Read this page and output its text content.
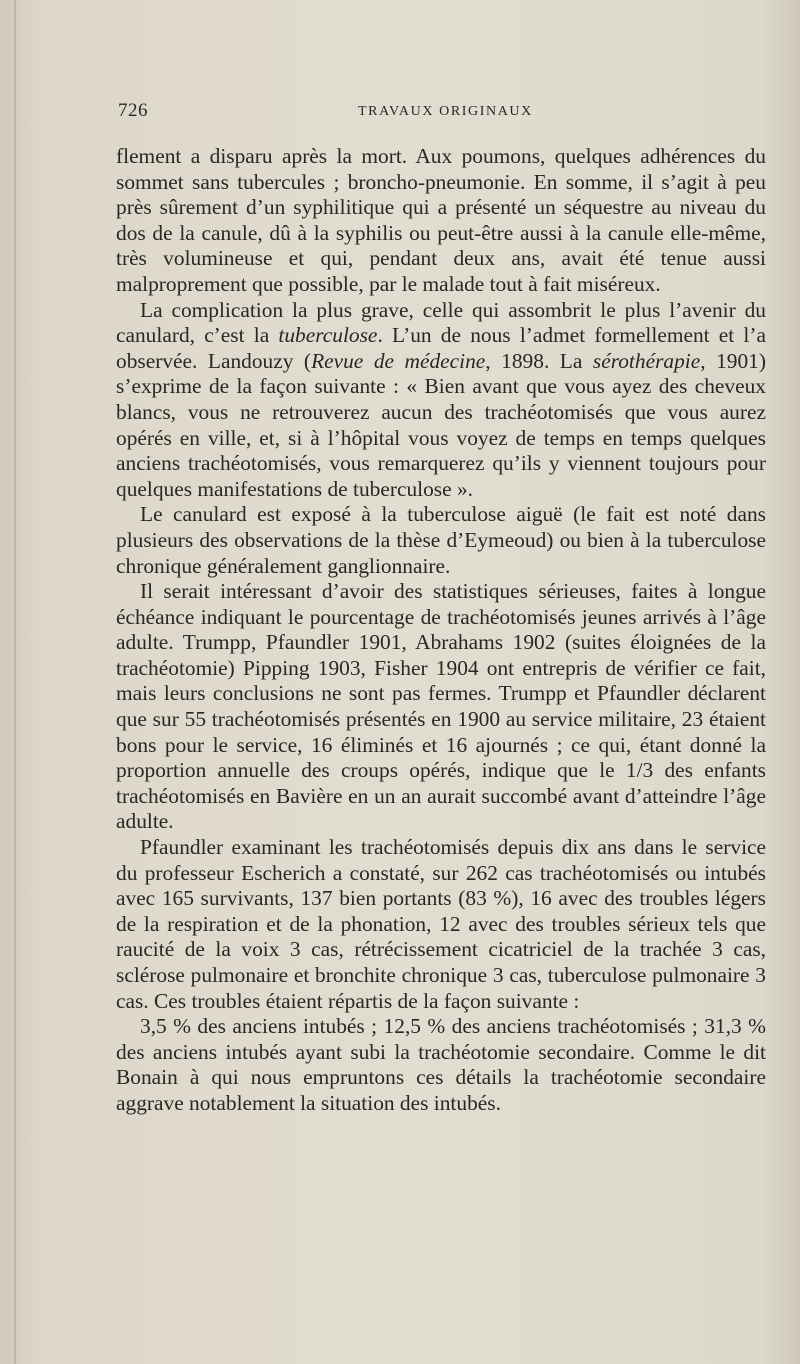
726	TRAVAUX ORIGINAUX

flement a disparu après la mort. Aux poumons, quelques adhérences du sommet sans tubercules ; broncho-pneumonie. En somme, il s’agit à peu près sûrement d’un syphilitique qui a présenté un séquestre au niveau du dos de la canule, dû à la syphilis ou peut-être aussi à la canule elle-même, très volumineuse et qui, pendant deux ans, avait été tenue aussi malproprement que possible, par le malade tout à fait miséreux.

La complication la plus grave, celle qui assombrit le plus l’avenir du canulard, c’est la tuberculose. L’un de nous l’admet formellement et l’a observée. Landouzy (Revue de médecine, 1898. La sérothérapie, 1901) s’exprime de la façon suivante : « Bien avant que vous ayez des cheveux blancs, vous ne retrouverez aucun des trachéotomisés que vous aurez opérés en ville, et, si à l’hôpital vous voyez de temps en temps quelques anciens trachéotomisés, vous remarquerez qu’ils y viennent toujours pour quelques manifestations de tuberculose ».

Le canulard est exposé à la tuberculose aiguë (le fait est noté dans plusieurs des observations de la thèse d’Eymeoud) ou bien à la tuberculose chronique généralement ganglionnaire.

Il serait intéressant d’avoir des statistiques sérieuses, faites à longue échéance indiquant le pourcentage de trachéotomisés jeunes arrivés à l’âge adulte. Trumpp, Pfaundler 1901, Abrahams 1902 (suites éloignées de la trachéotomie) Pipping 1903, Fisher 1904 ont entrepris de vérifier ce fait, mais leurs conclusions ne sont pas fermes. Trumpp et Pfaundler déclarent que sur 55 trachéotomisés présentés en 1900 au service militaire, 23 étaient bons pour le service, 16 éliminés et 16 ajournés ; ce qui, étant donné la proportion annuelle des croups opérés, indique que le 1/3 des enfants trachéotomisés en Bavière en un an aurait succombé avant d’atteindre l’âge adulte.

Pfaundler examinant les trachéotomisés depuis dix ans dans le service du professeur Escherich a constaté, sur 262 cas trachéotomisés ou intubés avec 165 survivants, 137 bien portants (83 %), 16 avec des troubles légers de la respiration et de la phonation, 12 avec des troubles sérieux tels que raucité de la voix 3 cas, rétrécissement cicatriciel de la trachée 3 cas, sclérose pulmonaire et bronchite chronique 3 cas, tuberculose pulmonaire 3 cas. Ces troubles étaient répartis de la façon suivante :

3,5 % des anciens intubés ; 12,5 % des anciens trachéotomisés ; 31,3 % des anciens intubés ayant subi la trachéotomie secondaire. Comme le dit Bonain à qui nous empruntons ces détails la trachéotomie secondaire aggrave notablement la situation des intubés.
